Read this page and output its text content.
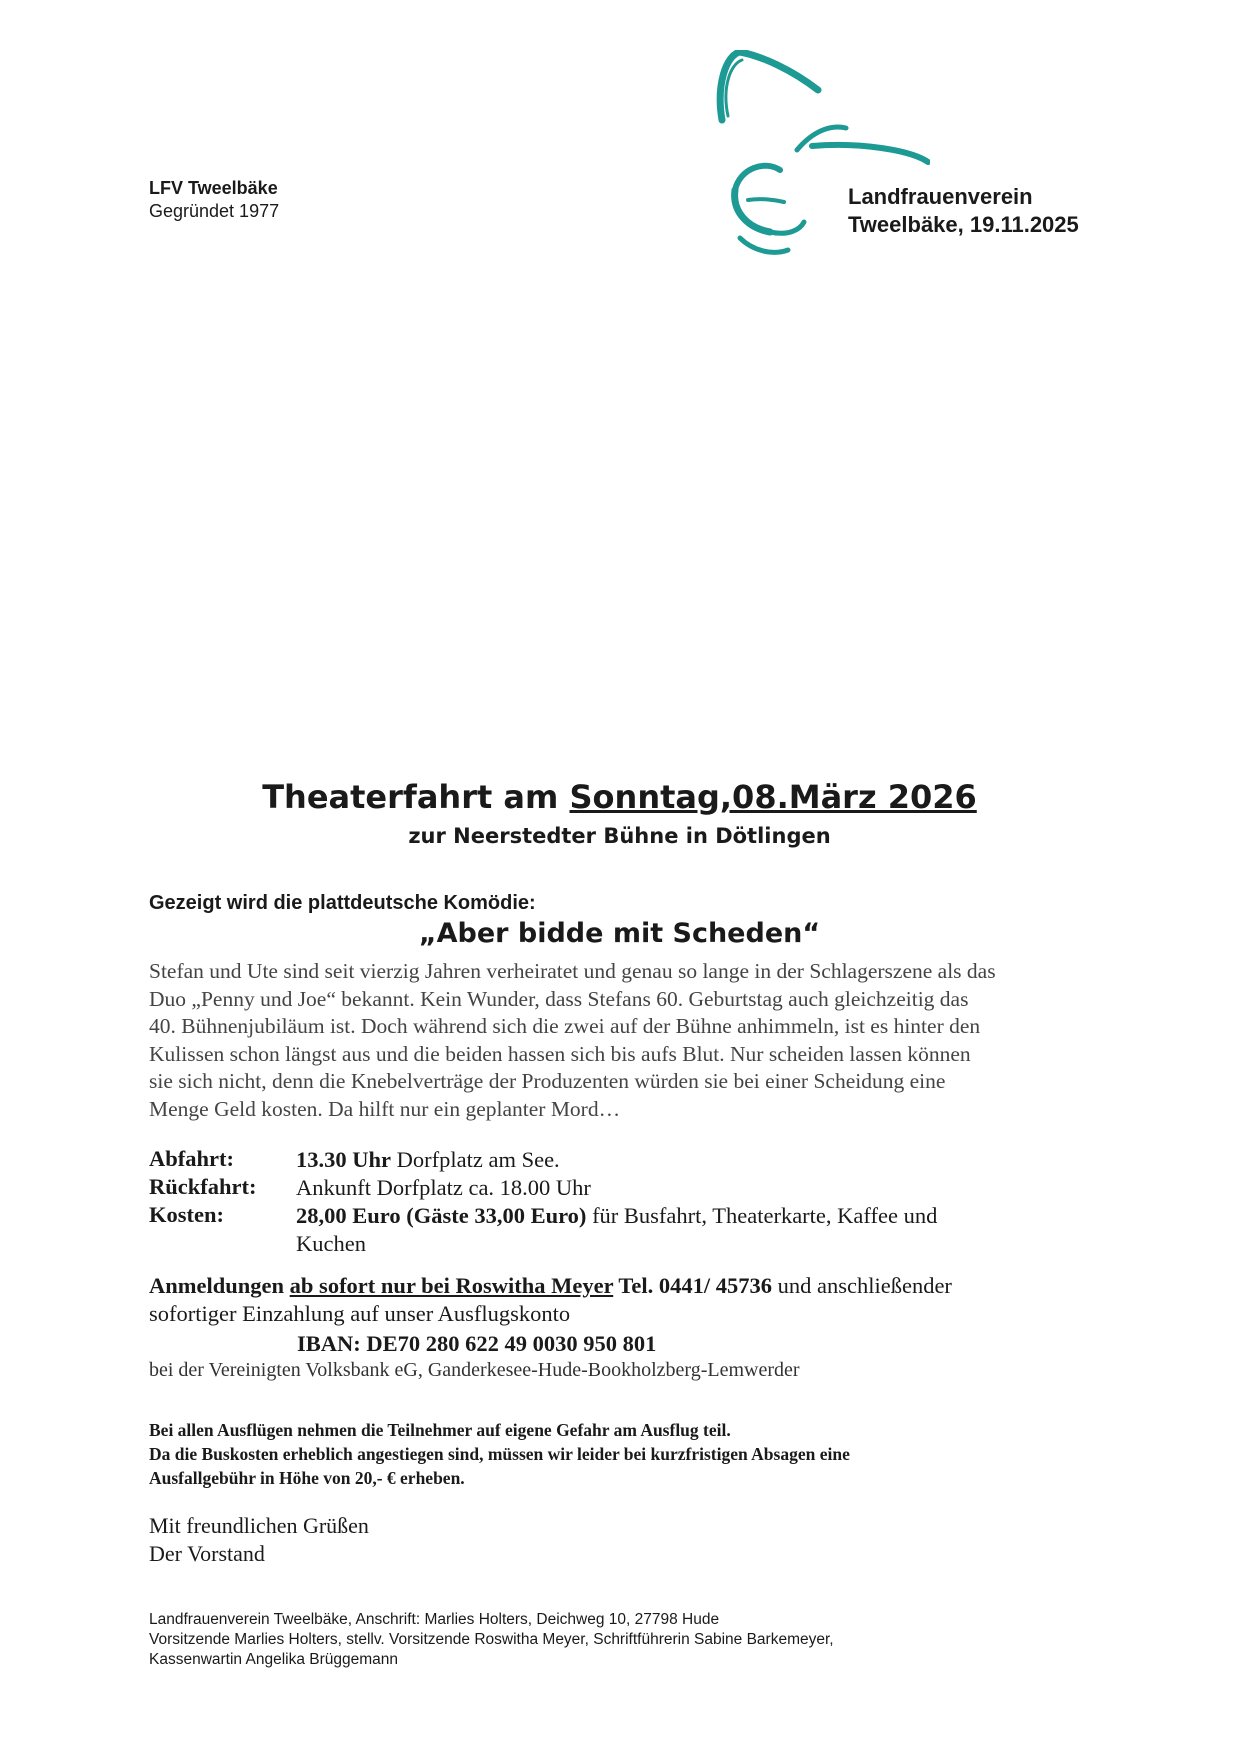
LFV Tweelbäke
Gegründet 1977
Landfrauenverein
Tweelbäke, 19.11.2025
Theaterfahrt am Sonntag,08.März 2026
zur Neerstedter Bühne in Dötlingen
Gezeigt wird die plattdeutsche Komödie:
„Aber bidde mit Scheden“
Stefan und Ute sind seit vierzig Jahren verheiratet und genau so lange in der Schlagerszene als das
Duo „Penny und Joe“ bekannt. Kein Wunder, dass Stefans 60. Geburtstag auch gleichzeitig das
40. Bühnenjubiläum ist. Doch während sich die zwei auf der Bühne anhimmeln, ist es hinter den
Kulissen schon längst aus und die beiden hassen sich bis aufs Blut. Nur scheiden lassen können
sie sich nicht, denn die Knebelverträge der Produzenten würden sie bei einer Scheidung eine
Menge Geld kosten. Da hilft nur ein geplanter Mord…
Abfahrt:	13.30 Uhr Dorfplatz am See.
Rückfahrt: Ankunft Dorfplatz ca. 18.00 Uhr
Kosten:	28,00 Euro (Gäste 33,00 Euro) für Busfahrt, Theaterkarte, Kaffee und
Kuchen
Anmeldungen ab sofort nur bei Roswitha Meyer Tel. 0441/ 45736 und anschließender
sofortiger Einzahlung auf unser Ausflugskonto
IBAN: DE70 280 622 49 0030 950 801
bei der Vereinigten Volksbank eG, Ganderkesee-Hude-Bookholzberg-Lemwerder
Bei allen Ausflügen nehmen die Teilnehmer auf eigene Gefahr am Ausflug teil.
Da die Buskosten erheblich angestiegen sind, müssen wir leider bei kurzfristigen Absagen eine
Ausfallgebühr in Höhe von 20,- € erheben.
Mit freundlichen Grüßen
Der Vorstand
Landfrauenverein Tweelbäke, Anschrift: Marlies Holters, Deichweg 10, 27798 Hude
Vorsitzende Marlies Holters, stellv. Vorsitzende Roswitha Meyer, Schriftführerin Sabine Barkemeyer,
Kassenwartin Angelika Brüggemann
